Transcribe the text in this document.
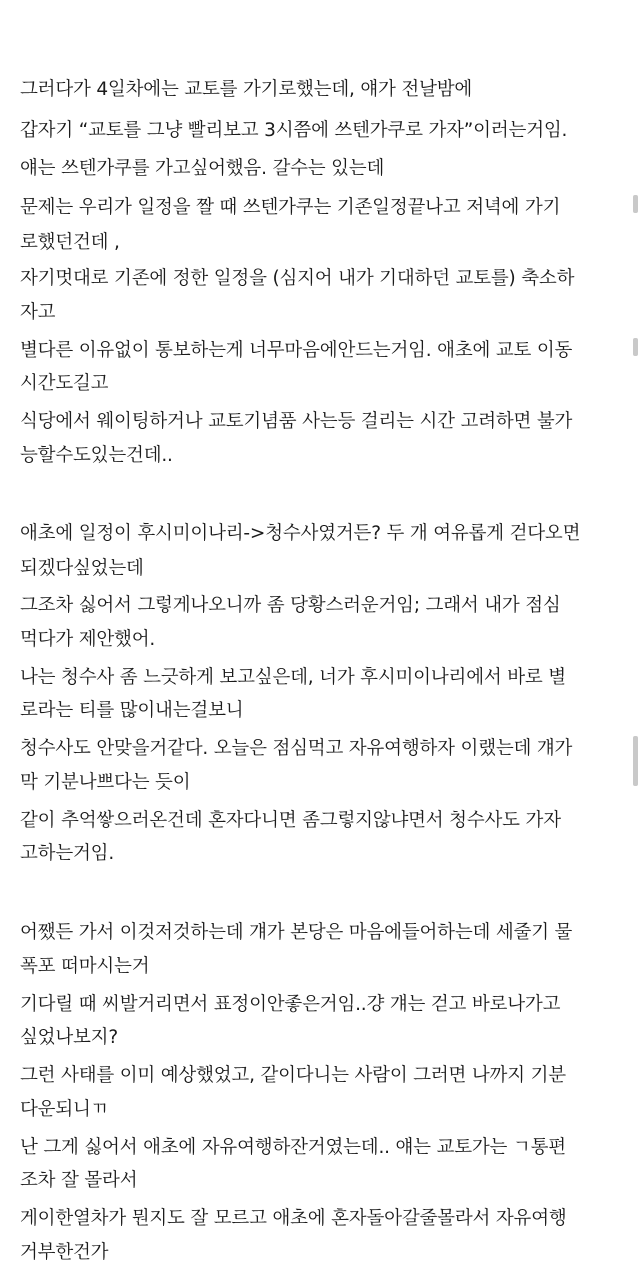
그러다가 4일차에는 교토를 가기로했는데, 얘가 전날밤에
갑자기 “교토를 그냥 빨리보고 3시쯤에 쓰텐가쿠로 가자”이러는거임.
얘는 쓰텐가쿠를 가고싶어했음. 갈수는 있는데
문제는 우리가 일정을 짤 때 쓰텐가쿠는 기존일정끝나고 저녁에 가기
로했던건데 ,
자기멋대로 기존에 정한 일정을 (심지어 내가 기대하던 교토를) 축소하
자고
별다른 이유없이 통보하는게 너무마음에안드는거임. 애초에 교토 이동
시간도길고
식당에서 웨이팅하거나 교토기념품 사는등 걸리는 시간 고려하면 불가
능할수도있는건데..
애초에 일정이 후시미이나리->청수사였거든? 두 개 여유롭게 걷다오면
되겠다싶었는데
그조차 싫어서 그렇게나오니까 좀 당황스러운거임; 그래서 내가 점심
먹다가 제안했어.
나는 청수사 좀 느긋하게 보고싶은데, 너가 후시미이나리에서 바로 별
로라는 티를 많이내는걸보니
청수사도 안맞을거같다. 오늘은 점심먹고 자유여행하자 이랬는데 걔가
막 기분나쁘다는 듯이
같이 추억쌓으러온건데 혼자다니면 좀그렇지않냐면서 청수사도 가자
고하는거임.
어쨌든 가서 이것저것하는데 걔가 본당은 마음에들어하는데 세줄기 물
폭포 떠마시는거
기다릴 때 씨발거리면서 표정이안좋은거임..걍 걔는 걷고 바로나가고
싶었나보지?
그런 사태를 이미 예상했었고, 같이다니는 사람이 그러면 나까지 기분
다운되니ㄲ
난 그게 싫어서 애초에 자유여행하잔거였는데.. 얘는 교토가는 ㄱ통편
조차 잘 몰라서
게이한열차가 뭔지도 잘 모르고 애초에 혼자돌아갈줄몰라서 자유여행
거부한건가
